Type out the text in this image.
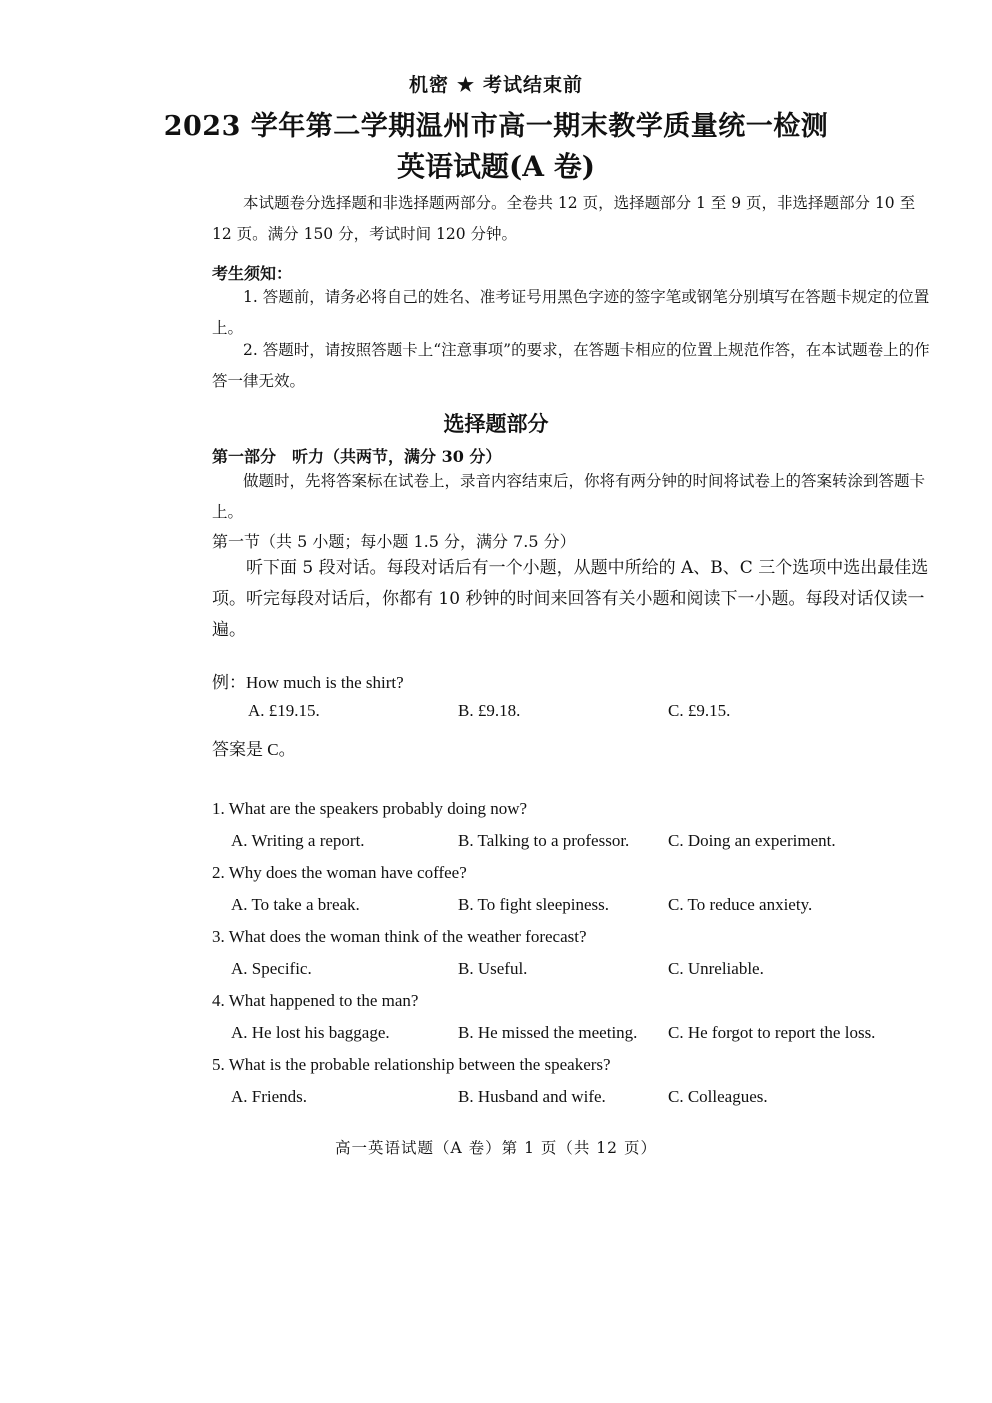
机密 ★ 考试结束前
2023 学年第二学期温州市高一期末教学质量统一检测
英语试题(A 卷)
本试题卷分选择题和非选择题两部分。全卷共 12 页，选择题部分 1 至 9 页，非选择题部分 10 至 12 页。满分 150 分，考试时间 120 分钟。
考生须知：
1. 答题前，请务必将自己的姓名、准考证号用黑色字迹的签字笔或钢笔分别填写在答题卡规定的位置上。
2. 答题时，请按照答题卡上“注意事项”的要求，在答题卡相应的位置上规范作答，在本试题卷上的作答一律无效。
选择题部分
第一部分　听力（共两节，满分 30 分）
做题时，先将答案标在试卷上，录音内容结束后，你将有两分钟的时间将试卷上的答案转涂到答题卡上。
第一节（共 5 小题；每小题 1.5 分，满分 7.5 分）
听下面 5 段对话。每段对话后有一个小题，从题中所给的 A、B、C 三个选项中选出最佳选项。听完每段对话后，你都有 10 秒钟的时间来回答有关小题和阅读下一小题。每段对话仅读一遍。
例：How much is the shirt?
A. £19.15.	B. £9.18.	C. £9.15.
答案是 C。
1. What are the speakers probably doing now?
A. Writing a report.	B. Talking to a professor. C. Doing an experiment.
2. Why does the woman have coffee?
A. To take a break.	B. To fight sleepiness.	C. To reduce anxiety.
3. What does the woman think of the weather forecast?
A. Specific.	B. Useful.	C. Unreliable.
4. What happened to the man?
A. He lost his baggage.	B. He missed the meeting. C. He forgot to report the loss.
5. What is the probable relationship between the speakers?
A. Friends.	B. Husband and wife.	C. Colleagues.
高一英语试题（A 卷）第 1 页（共 12 页）
